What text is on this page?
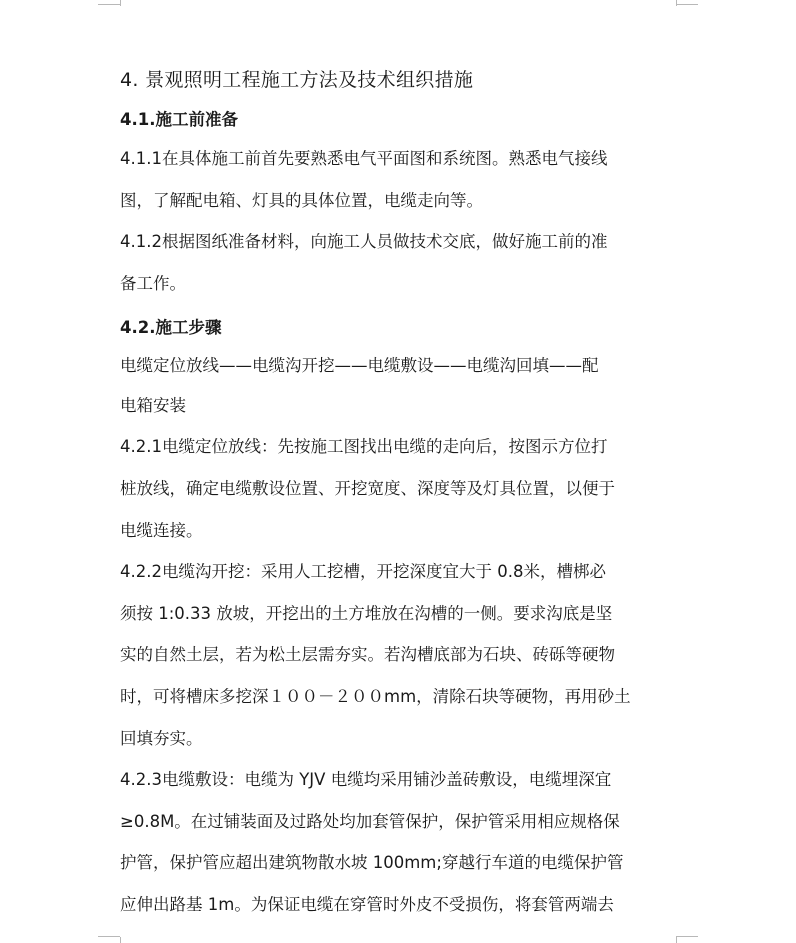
4. 景观照明工程施工方法及技术组织措施
4.1.施工前准备
4.1.1在具体施工前首先要熟悉电气平面图和系统图。熟悉电气接线
图，了解配电箱、灯具的具体位置，电缆走向等。
4.1.2根据图纸准备材料，向施工人员做技术交底，做好施工前的准
备工作。
4.2.施工步骤
电缆定位放线——电缆沟开挖——电缆敷设——电缆沟回填——配
电箱安装
4.2.1电缆定位放线：先按施工图找出电缆的走向后，按图示方位打
桩放线，确定电缆敷设位置、开挖宽度、深度等及灯具位置，以便于
电缆连接。
4.2.2电缆沟开挖：采用人工挖槽，开挖深度宜大于 0.8米，槽梆必
须按 1:0.33 放坡，开挖出的土方堆放在沟槽的一侧。要求沟底是坚
实的自然土层，若为松土层需夯实。若沟槽底部为石块、砖砾等硬物
时，可将槽床多挖深１００－２００mm，清除石块等硬物，再用砂土
回填夯实。
4.2.3电缆敷设：电缆为 YJV 电缆均采用铺沙盖砖敷设，电缆埋深宜
≥0.8M。在过铺装面及过路处均加套管保护，保护管采用相应规格保
护管，保护管应超出建筑物散水坡 100mm;穿越行车道的电缆保护管
应伸出路基 1m。为保证电缆在穿管时外皮不受损伤，将套管两端去
